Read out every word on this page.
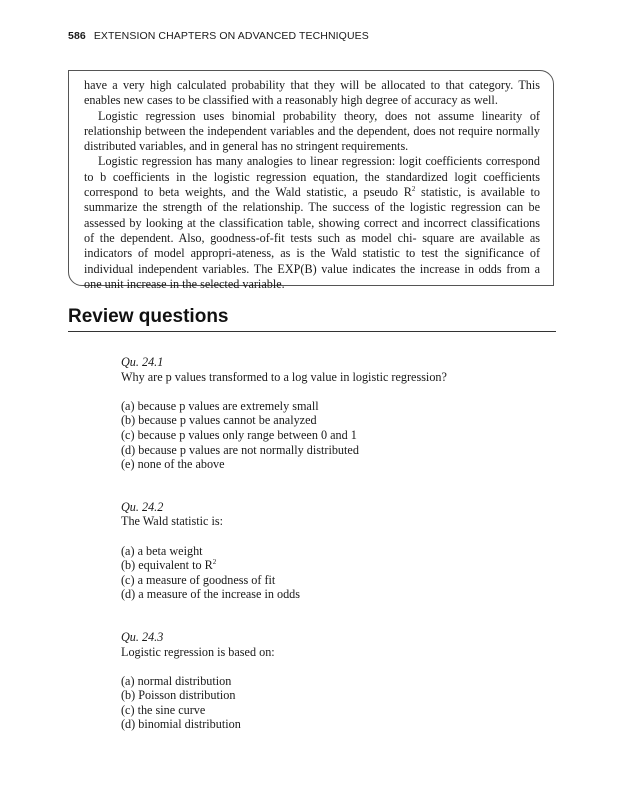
586 EXTENSION CHAPTERS ON ADVANCED TECHNIQUES

have a very high calculated probability that they will be allocated to that category. This enables new cases to be classified with a reasonably high degree of accuracy as well.

Logistic regression uses binomial probability theory, does not assume linearity of relationship between the independent variables and the dependent, does not require normally distributed variables, and in general has no stringent requirements.

Logistic regression has many analogies to linear regression: logit coefficients correspond to b coefficients in the logistic regression equation, the standardized logit coefficients correspond to beta weights, and the Wald statistic, a pseudo $R^2$ statistic, is available to summarize the strength of the relationship. The success of the logistic regression can be assessed by looking at the classification table, showing correct and incorrect classifications of the dependent. Also, goodness-of-fit tests such as model chi- square are available as indicators of model appropri-ateness, as is the Wald statistic to test the significance of individual independent variables. The EXP(B) value indicates the increase in odds from a one unit increase in the selected variable.

Review questions
Qu. 24.1
Why are p values transformed to a log value in logistic regression?
(a) because p values are extremely small
(b) because p values cannot be analyzed
(c) because p values only range between 0 and 1
(d) because p values are not normally distributed
(e) none of the above
Qu. 24.2
The Wald statistic is:
(a) a beta weight
(b) equivalent to $R^2$
(c) a measure of goodness of fit
(d) a measure of the increase in odds
Qu. 24.3
Logistic regression is based on:
(a) normal distribution
(b) Poisson distribution
(c) the sine curve
(d) binomial distribution
